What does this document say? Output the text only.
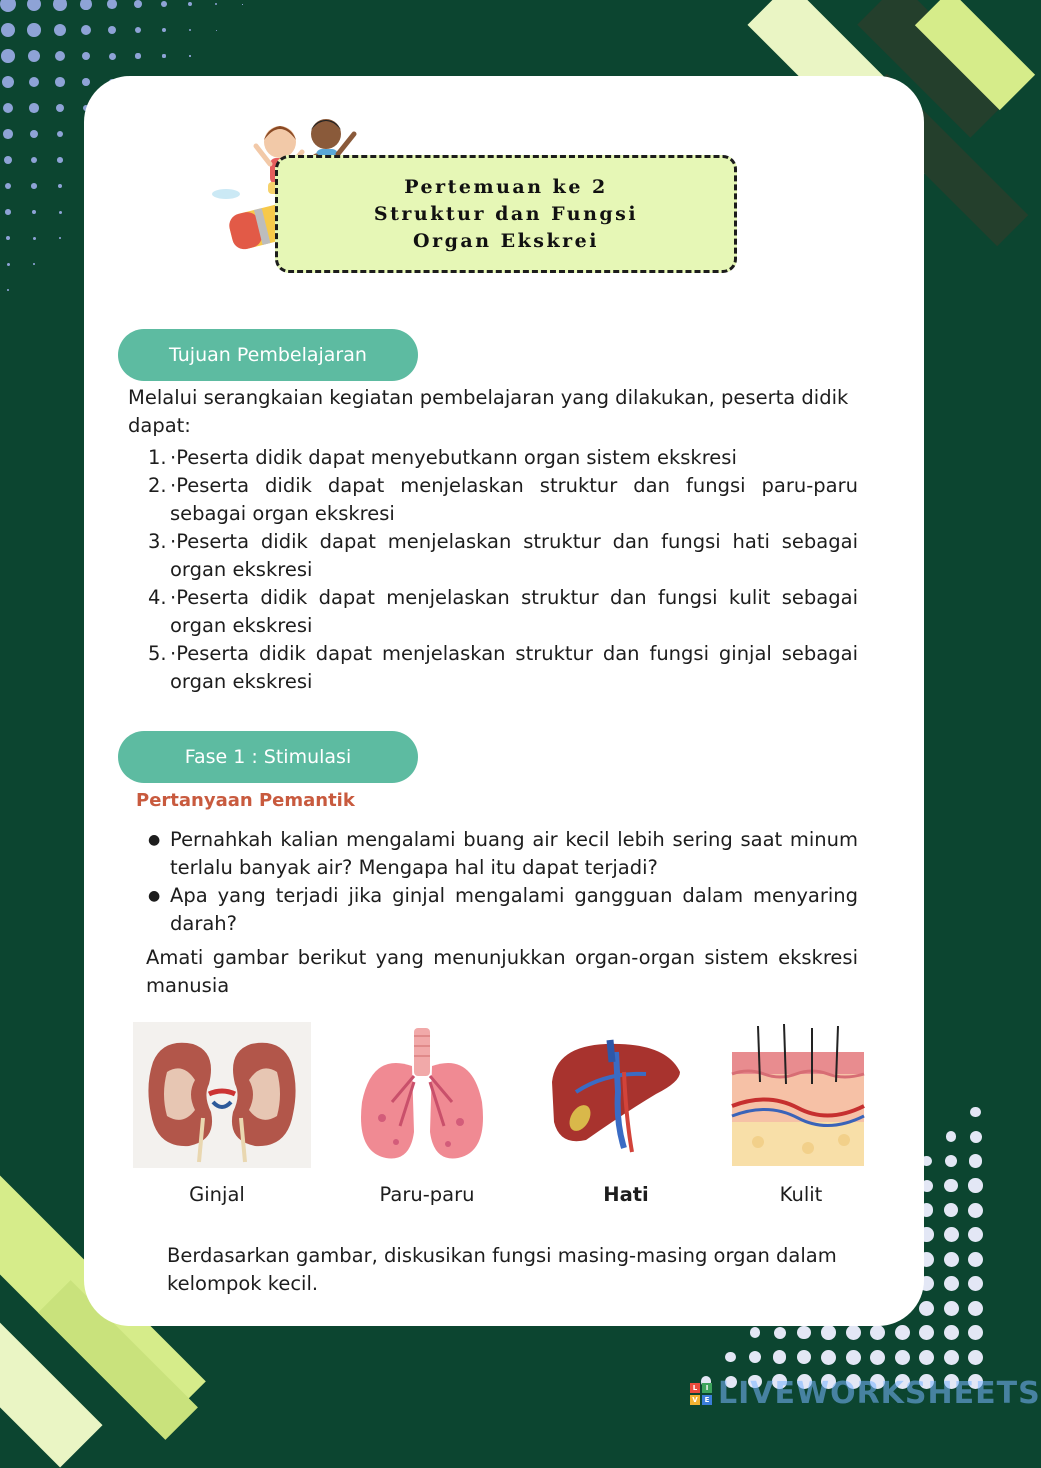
Pertemuan ke 2
Struktur dan Fungsi
Organ Ekskrei
Tujuan Pembelajaran
Melalui serangkaian kegiatan pembelajaran yang dilakukan, peserta didik dapat:
1. ·Peserta didik dapat menyebutkann organ sistem ekskresi
2. ·Peserta didik dapat menjelaskan struktur dan fungsi paru-paru sebagai organ ekskresi
3. ·Peserta didik dapat menjelaskan struktur dan fungsi hati sebagai organ ekskresi
4. ·Peserta didik dapat menjelaskan struktur dan fungsi kulit sebagai organ ekskresi
5. ·Peserta didik dapat menjelaskan struktur dan fungsi ginjal sebagai organ ekskresi
Fase 1 : Stimulasi
Pertanyaan Pemantik
● Pernahkah kalian mengalami buang air kecil lebih sering saat minum terlalu banyak air? Mengapa hal itu dapat terjadi?
● Apa yang terjadi jika ginjal mengalami gangguan dalam menyaring darah?
Amati gambar berikut yang menunjukkan organ-organ sistem ekskresi manusia
Ginjal	Paru-paru	Hati	Kulit
Berdasarkan gambar, diskusikan fungsi masing-masing organ dalam kelompok kecil.
L	I
V E LIVEWORKSHEETS
